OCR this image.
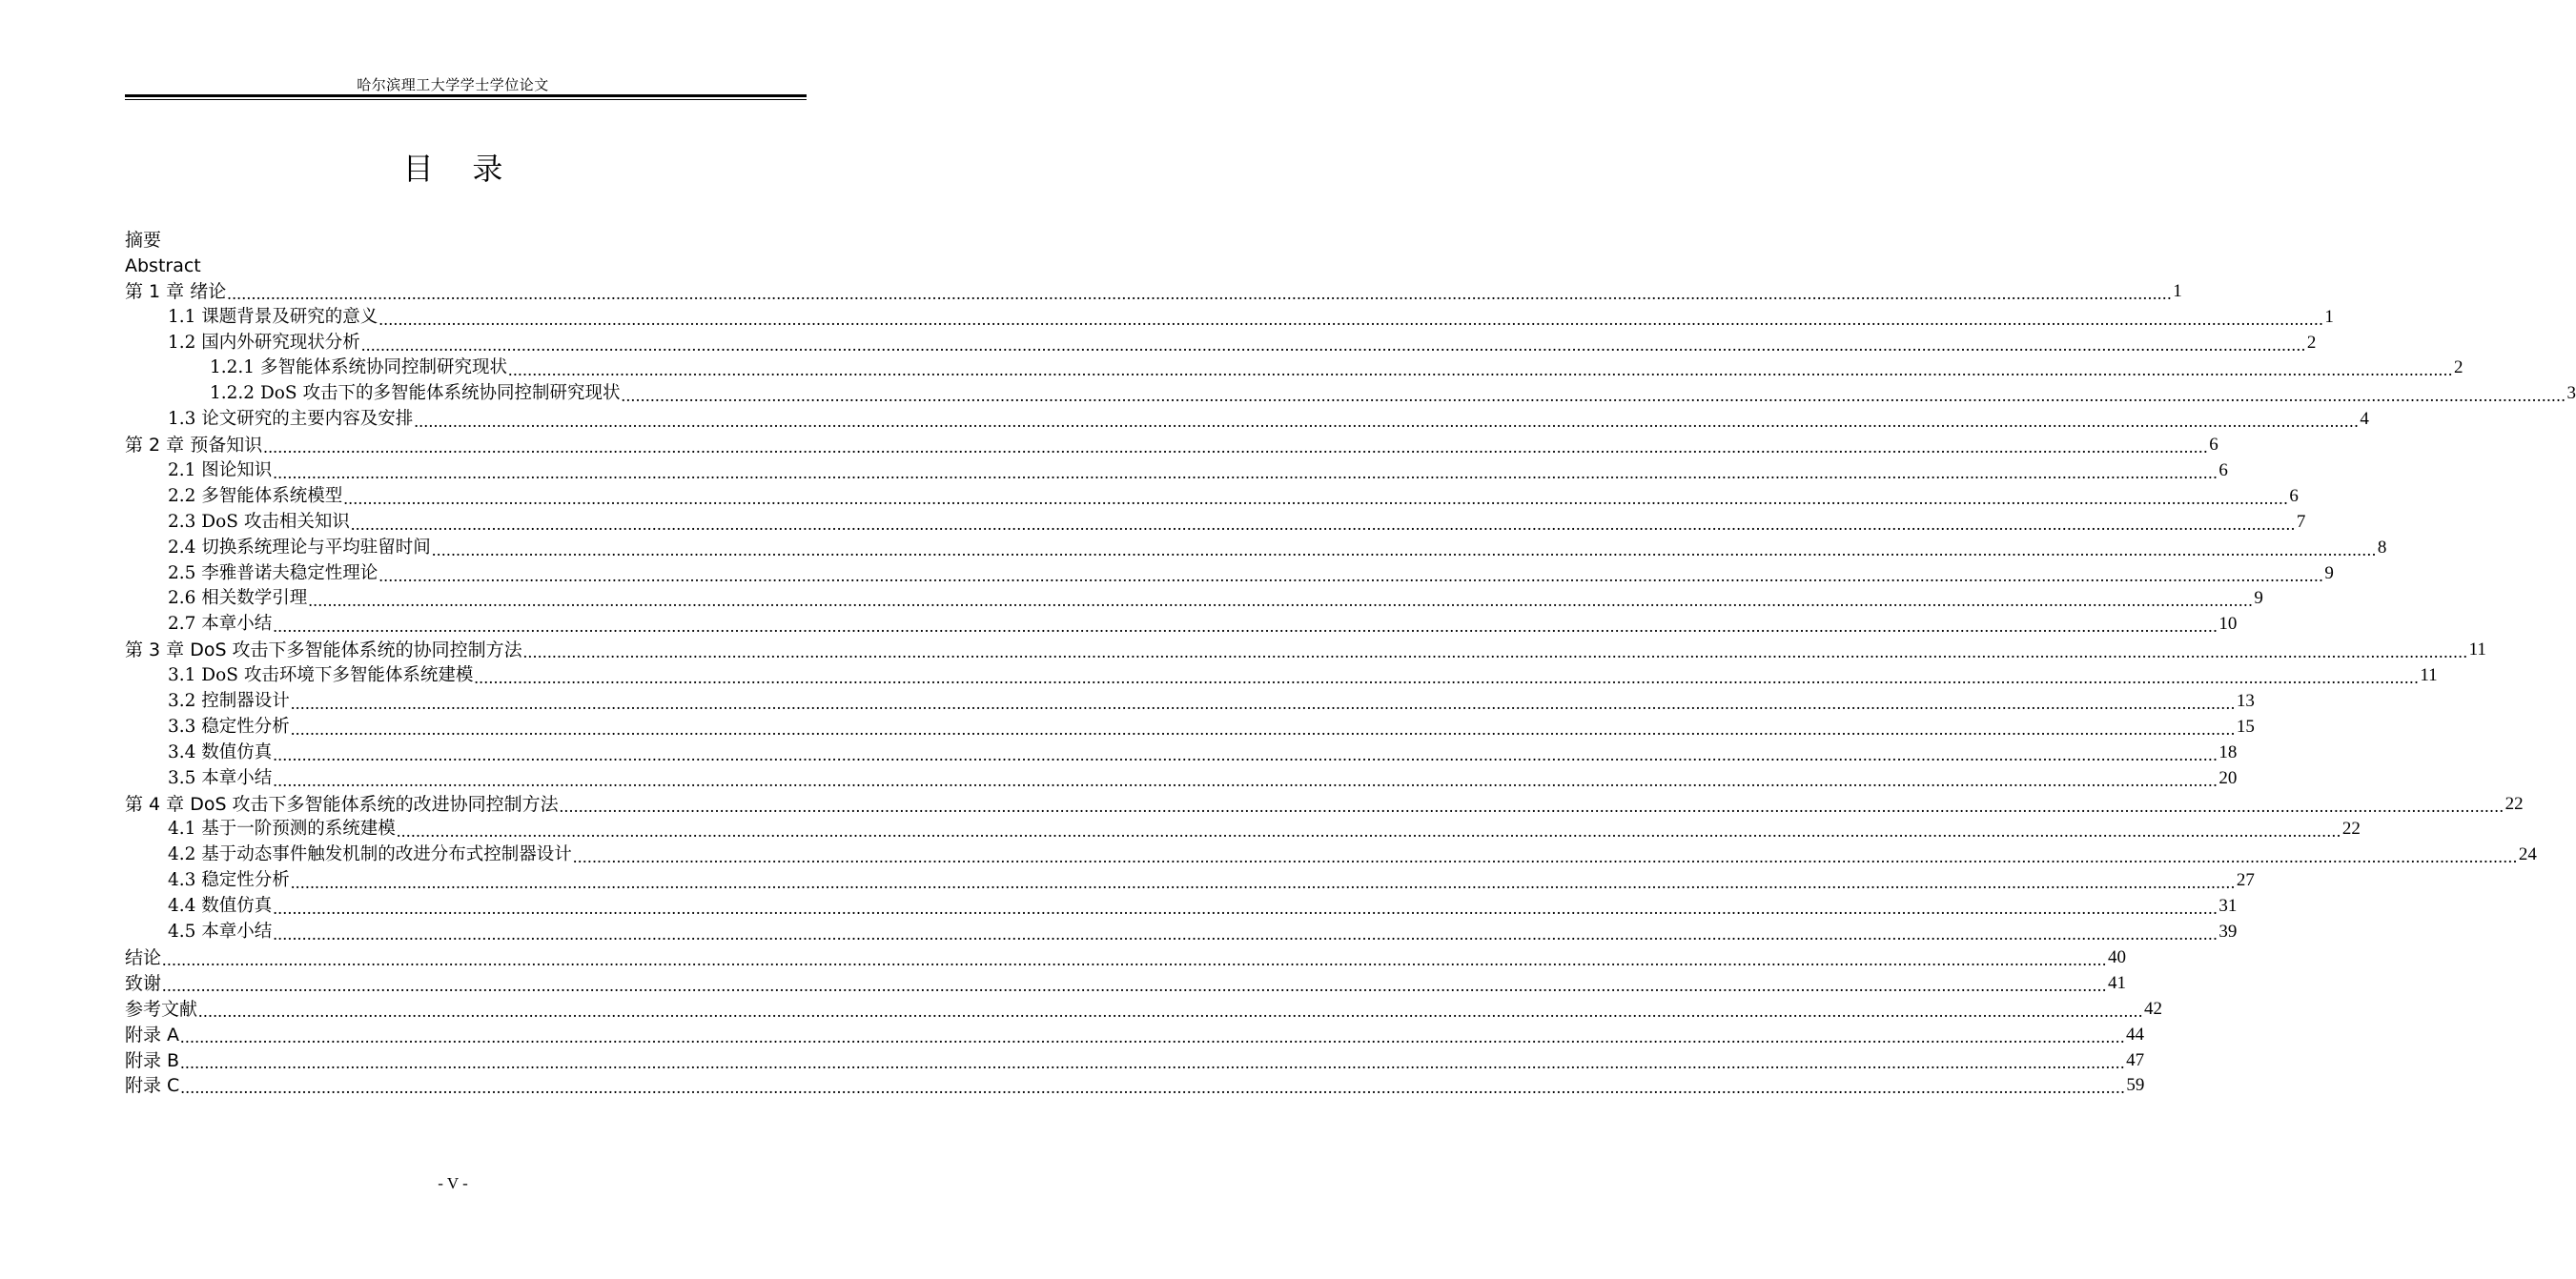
哈尔滨理工大学学士学位论文
目    录
摘要
Abstract
第 1 章 绪论 ................................................................................................................................................................................................................................................................................................................................................................................................................ 1
1.1 课题背景及研究的意义 ................................................................................................................................................................................................................................................................................................................................................................................................................ 1
1.2 国内外研究现状分析 ................................................................................................................................................................................................................................................................................................................................................................................................................ 2
1.2.1 多智能体系统协同控制研究现状 ................................................................................................................................................................................................................................................................................................................................................................................................................ 2
1.2.2 DoS 攻击下的多智能体系统协同控制研究现状 ................................................................................................................................................................................................................................................................................................................................................................................................................ 3
1.3 论文研究的主要内容及安排 ................................................................................................................................................................................................................................................................................................................................................................................................................ 4
第 2 章 预备知识 ................................................................................................................................................................................................................................................................................................................................................................................................................ 6
2.1 图论知识 ................................................................................................................................................................................................................................................................................................................................................................................................................ 6
2.2 多智能体系统模型 ................................................................................................................................................................................................................................................................................................................................................................................................................ 6
2.3 DoS 攻击相关知识 ................................................................................................................................................................................................................................................................................................................................................................................................................ 7
2.4 切换系统理论与平均驻留时间 ................................................................................................................................................................................................................................................................................................................................................................................................................ 8
2.5 李雅普诺夫稳定性理论 ................................................................................................................................................................................................................................................................................................................................................................................................................ 9
2.6 相关数学引理 ................................................................................................................................................................................................................................................................................................................................................................................................................ 9
2.7 本章小结 ................................................................................................................................................................................................................................................................................................................................................................................................................ 10
第 3 章 DoS 攻击下多智能体系统的协同控制方法 ................................................................................................................................................................................................................................................................................................................................................................................................................ 11
3.1 DoS 攻击环境下多智能体系统建模 ................................................................................................................................................................................................................................................................................................................................................................................................................ 11
3.2 控制器设计 ................................................................................................................................................................................................................................................................................................................................................................................................................ 13
3.3 稳定性分析 ................................................................................................................................................................................................................................................................................................................................................................................................................ 15
3.4 数值仿真 ................................................................................................................................................................................................................................................................................................................................................................................................................ 18
3.5 本章小结 ................................................................................................................................................................................................................................................................................................................................................................................................................ 20
第 4 章 DoS 攻击下多智能体系统的改进协同控制方法 ................................................................................................................................................................................................................................................................................................................................................................................................................ 22
4.1 基于一阶预测的系统建模 ................................................................................................................................................................................................................................................................................................................................................................................................................ 22
4.2 基于动态事件触发机制的改进分布式控制器设计 ................................................................................................................................................................................................................................................................................................................................................................................................................ 24
4.3 稳定性分析 ................................................................................................................................................................................................................................................................................................................................................................................................................ 27
4.4 数值仿真 ................................................................................................................................................................................................................................................................................................................................................................................................................ 31
4.5 本章小结 ................................................................................................................................................................................................................................................................................................................................................................................................................ 39
结论 ................................................................................................................................................................................................................................................................................................................................................................................................................ 40
致谢 ................................................................................................................................................................................................................................................................................................................................................................................................................ 41
参考文献 ................................................................................................................................................................................................................................................................................................................................................................................................................ 42
附录 A ................................................................................................................................................................................................................................................................................................................................................................................................................ 44
附录 B ................................................................................................................................................................................................................................................................................................................................................................................................................ 47
附录 C ................................................................................................................................................................................................................................................................................................................................................................................................................ 59
- V -
